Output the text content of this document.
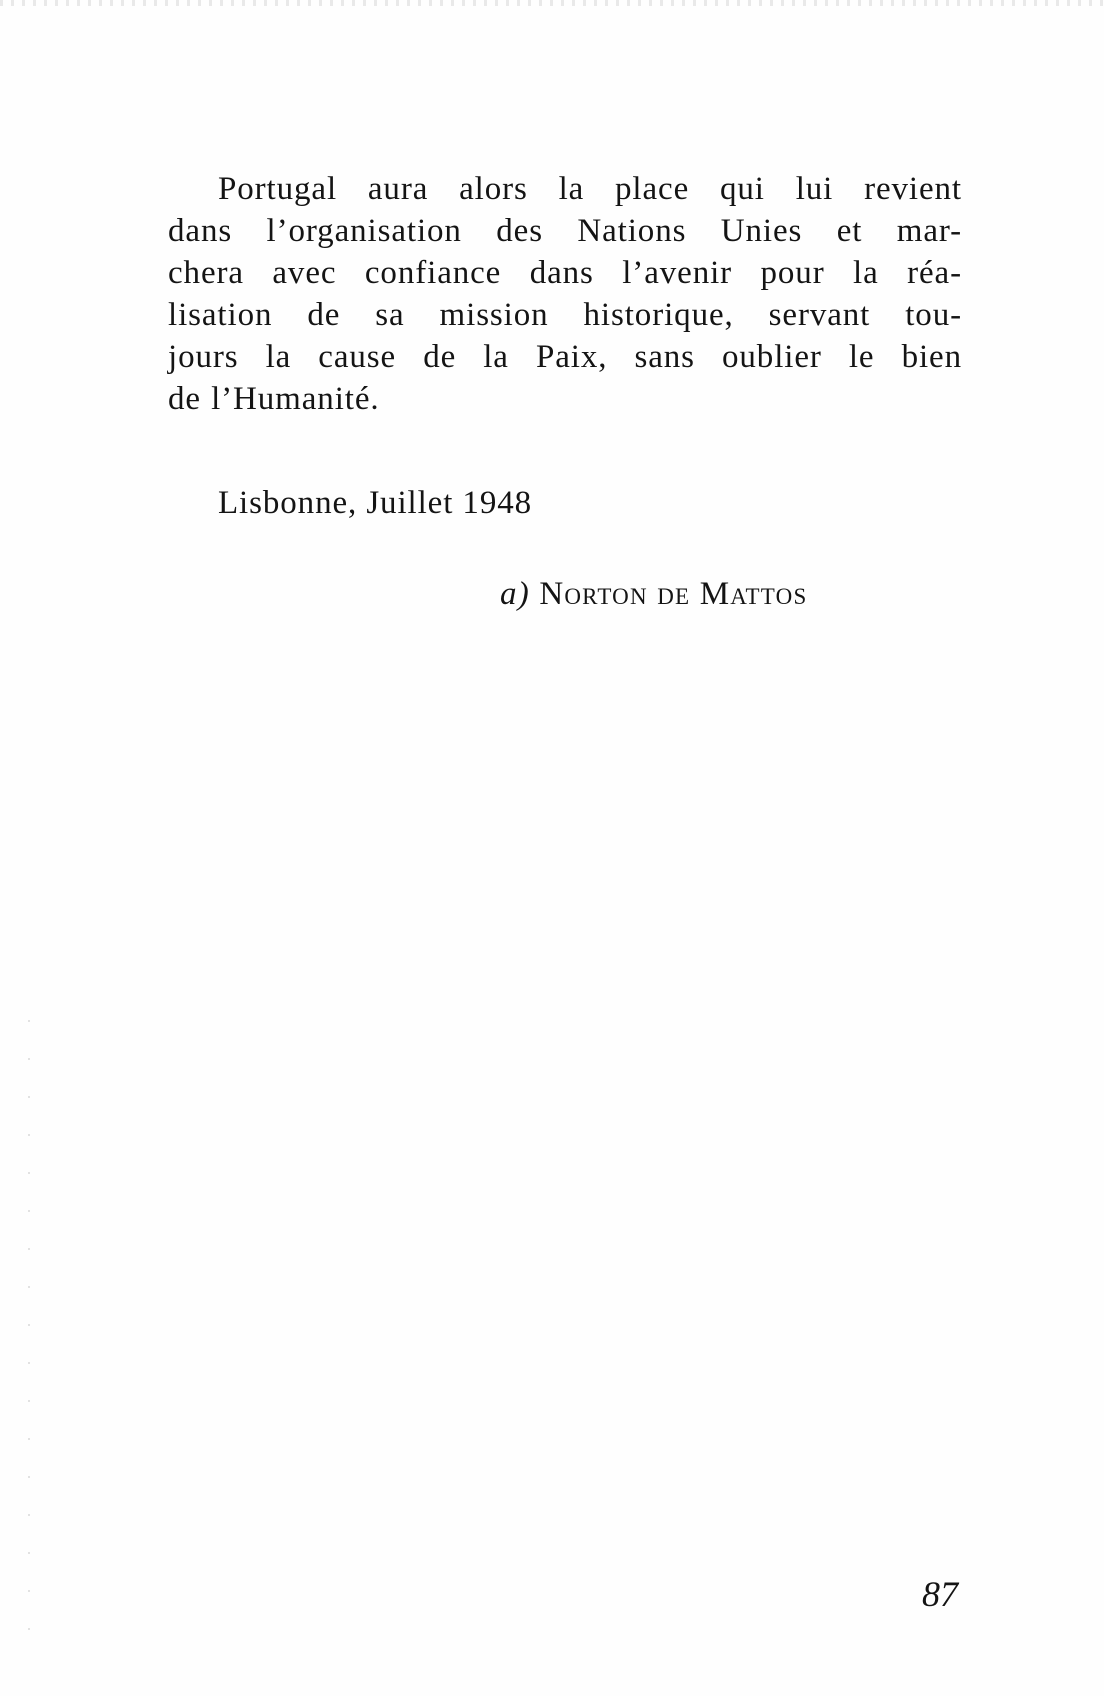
Portugal aura alors la place qui lui revient
dans l’organisation des Nations Unies et mar-
chera avec confiance dans l’avenir pour la réa-
lisation de sa mission historique, servant tou-
jours la cause de la Paix, sans oublier le bien
de l’Humanité.

Lisbonne, Juillet 1948

a) Norton de Mattos

87
